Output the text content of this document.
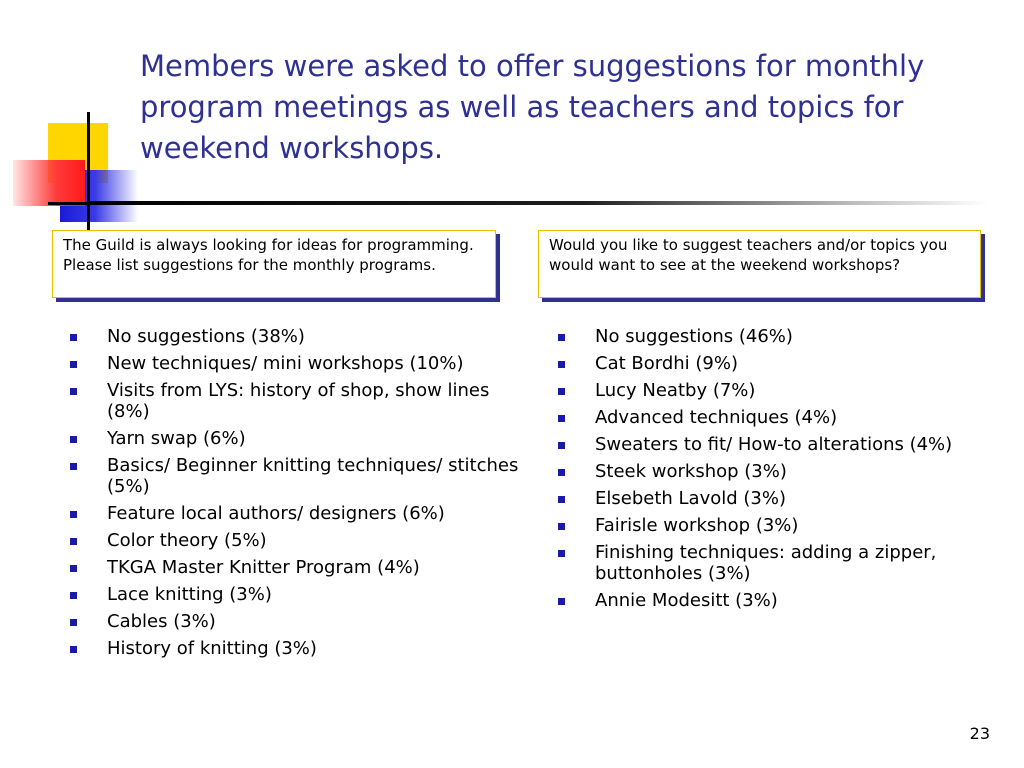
Members were asked to offer suggestions for monthly program meetings as well as teachers and topics for weekend workshops.
The Guild is always looking for ideas for programming. Please list suggestions for the monthly programs.
Would you like to suggest teachers and/or topics you would want to see at the weekend workshops?
No suggestions (38%)
New techniques/ mini workshops (10%)
Visits from LYS: history of shop, show lines (8%)
Yarn swap (6%)
Basics/ Beginner knitting techniques/ stitches (5%)
Feature local authors/ designers (6%)
Color theory (5%)
TKGA Master Knitter Program (4%)
Lace knitting (3%)
Cables (3%)
History of knitting (3%)
No suggestions (46%)
Cat Bordhi (9%)
Lucy Neatby (7%)
Advanced techniques (4%)
Sweaters to fit/ How-to alterations (4%)
Steek workshop (3%)
Elsebeth Lavold (3%)
Fairisle workshop (3%)
Finishing techniques: adding a zipper, buttonholes (3%)
Annie Modesitt (3%)
23
